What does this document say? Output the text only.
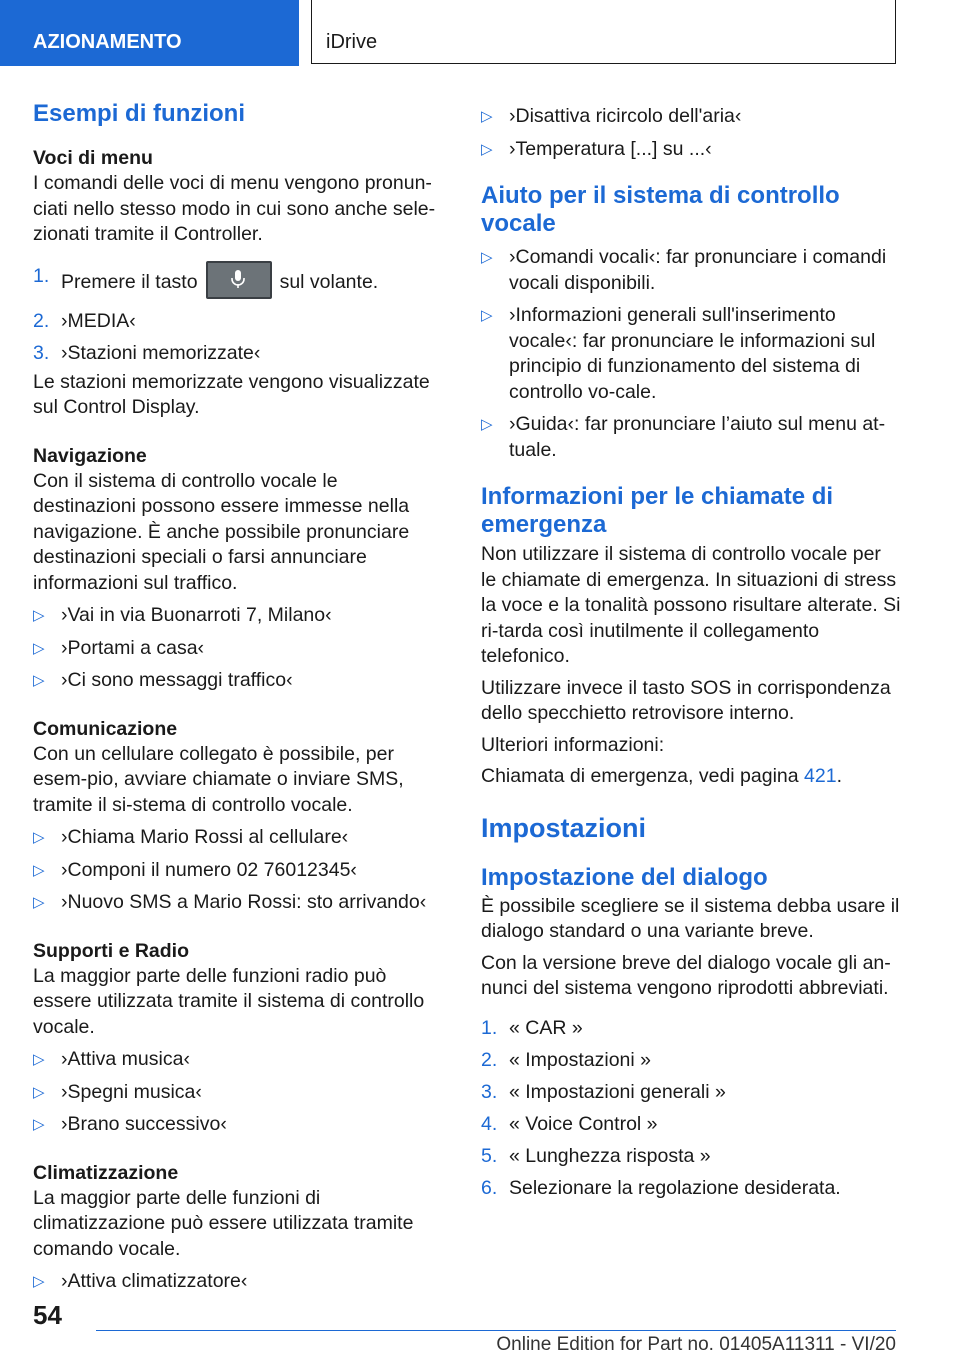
AZIONAMENTO	iDrive
Esempi di funzioni
Voci di menu

I comandi delle voci di menu vengono pronun-ciati nello stesso modo in cui sono anche sele-zionati tramite il Controller.

1. Premere il tasto	sul volante.
2. ›MEDIA‹
3. ›Stazioni memorizzate‹

Le stazioni memorizzate vengono visualizzate sul Control Display.

Navigazione

Con il sistema di controllo vocale le destinazioni possono essere immesse nella navigazione. È anche possibile pronunciare destinazioni speciali o farsi annunciare informazioni sul traffico.

▷ ›Vai in via Buonarroti 7, Milano‹
▷ ›Portami a casa‹
▷ ›Ci sono messaggi traffico‹
Comunicazione

Con un cellulare collegato è possibile, per esem-pio, avviare chiamate o inviare SMS, tramite il si-stema di controllo vocale.

▷ ›Chiama Mario Rossi al cellulare‹
▷ ›Componi il numero 02 76012345‹
▷ ›Nuovo SMS a Mario Rossi: sto arrivando‹
Supporti e Radio

La maggior parte delle funzioni radio può essere utilizzata tramite il sistema di controllo vocale.

▷ ›Attiva musica‹
▷ ›Spegni musica‹
▷ ›Brano successivo‹
Climatizzazione

La maggior parte delle funzioni di climatizzazione può essere utilizzata tramite comando vocale.

▷ ›Attiva climatizzatore‹
▷ ›Disattiva ricircolo dell'aria‹
▷ ›Temperatura [...] su ...‹
Aiuto per il sistema di controllo vocale
▷ ›Comandi vocali‹: far pronunciare i comandi vocali disponibili.
▷ ›Informazioni generali sull'inserimento vocale‹: far pronunciare le informazioni sul principio di funzionamento del sistema di controllo vo-cale.
▷ ›Guida‹: far pronunciare l’aiuto sul menu at-tuale.
Informazioni per le chiamate di emergenza

Non utilizzare il sistema di controllo vocale per le chiamate di emergenza. In situazioni di stress la voce e la tonalità possono risultare alterate. Si ri-tarda così inutilmente il collegamento telefonico.

Utilizzare invece il tasto SOS in corrispondenza dello specchietto retrovisore interno.

Ulteriori informazioni:

Chiamata di emergenza, vedi pagina 421.

Impostazioni
Impostazione del dialogo

È possibile scegliere se il sistema debba usare il dialogo standard o una variante breve.

Con la versione breve del dialogo vocale gli an-nunci del sistema vengono riprodotti abbreviati.

1. « CAR »
2. « Impostazioni »
3. « Impostazioni generali »
4. « Voice Control »
5. « Lunghezza risposta »
6. Selezionare la regolazione desiderata.
54
Online Edition for Part no. 01405A11311 - VI/20
